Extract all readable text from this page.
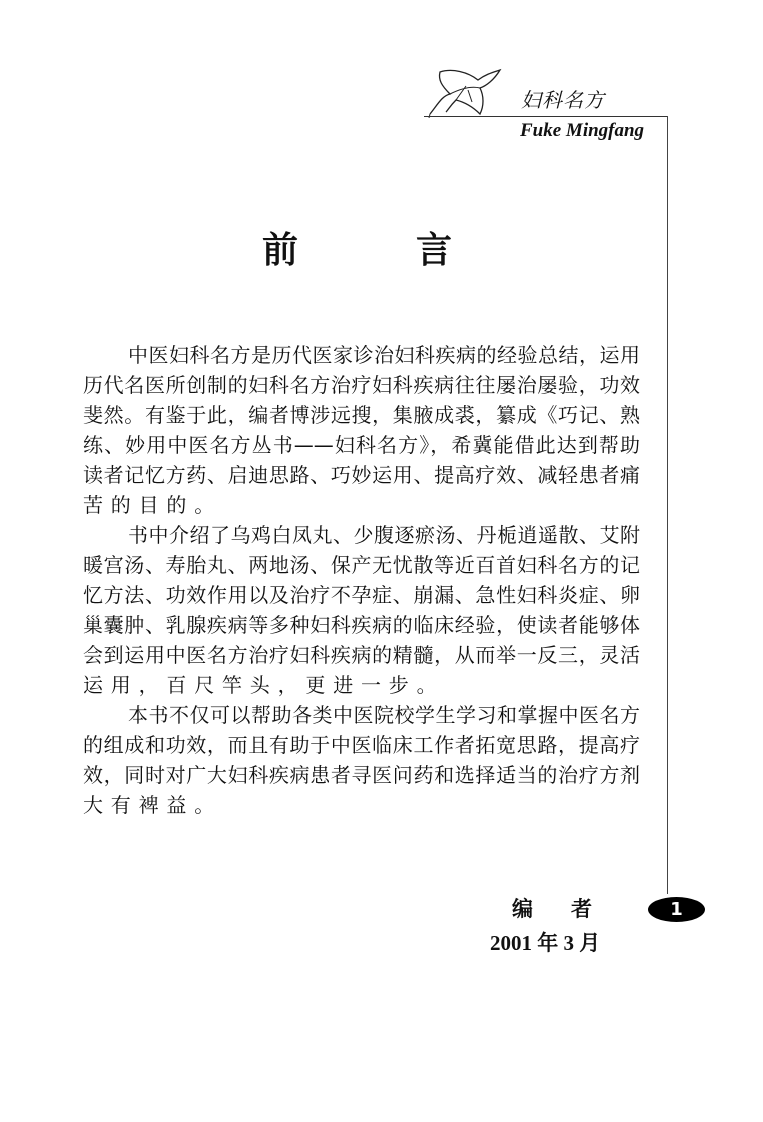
妇科名方
Fuke Mingfang
前	言
中医妇科名方是历代医家诊治妇科疾病的经验总结，运用
历代名医所创制的妇科名方治疗妇科疾病往往屡治屡验，功效
斐然。有鉴于此，编者博涉远搜，集腋成裘，纂成《巧记、熟
练、妙用中医名方丛书——妇科名方》，希冀能借此达到帮助
读者记忆方药、启迪思路、巧妙运用、提高疗效、减轻患者痛
苦的目的。
书中介绍了乌鸡白凤丸、少腹逐瘀汤、丹栀逍遥散、艾附
暖宫汤、寿胎丸、两地汤、保产无忧散等近百首妇科名方的记
忆方法、功效作用以及治疗不孕症、崩漏、急性妇科炎症、卵
巢囊肿、乳腺疾病等多种妇科疾病的临床经验，使读者能够体
会到运用中医名方治疗妇科疾病的精髓，从而举一反三，灵活
运用，百尺竿头，更进一步。
本书不仅可以帮助各类中医院校学生学习和掌握中医名方
的组成和功效，而且有助于中医临床工作者拓宽思路，提高疗
效，同时对广大妇科疾病患者寻医问药和选择适当的治疗方剂
大有裨益。
编 者
2001 年 3 月
1
